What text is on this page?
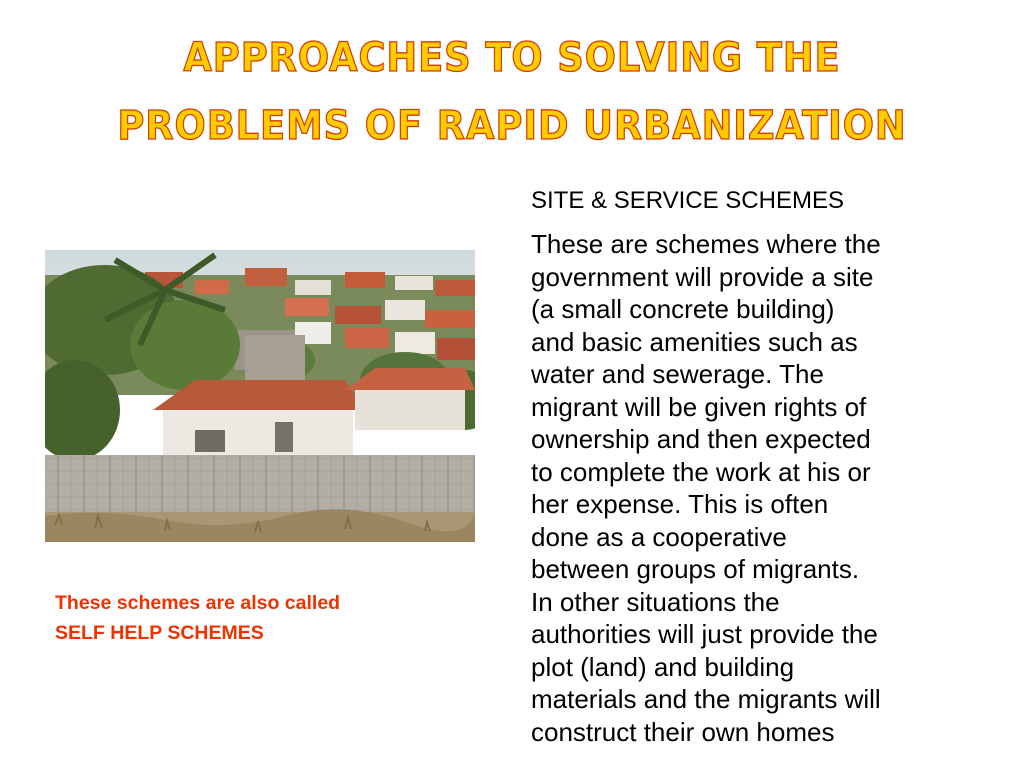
APPROACHES TO SOLVING THE
PROBLEMS OF RAPID URBANIZATION
These schemes are also called
SELF HELP SCHEMES
SITE & SERVICE SCHEMES
These are schemes where the
government will provide a site
(a small concrete building)
and basic amenities such as
water and sewerage. The
migrant will be given rights of
ownership and then expected
to complete the work at his or
her expense. This is often
done as a cooperative
between groups of migrants.
In other situations the
authorities will just provide the
plot (land) and building
materials and the migrants will
construct their own homes
